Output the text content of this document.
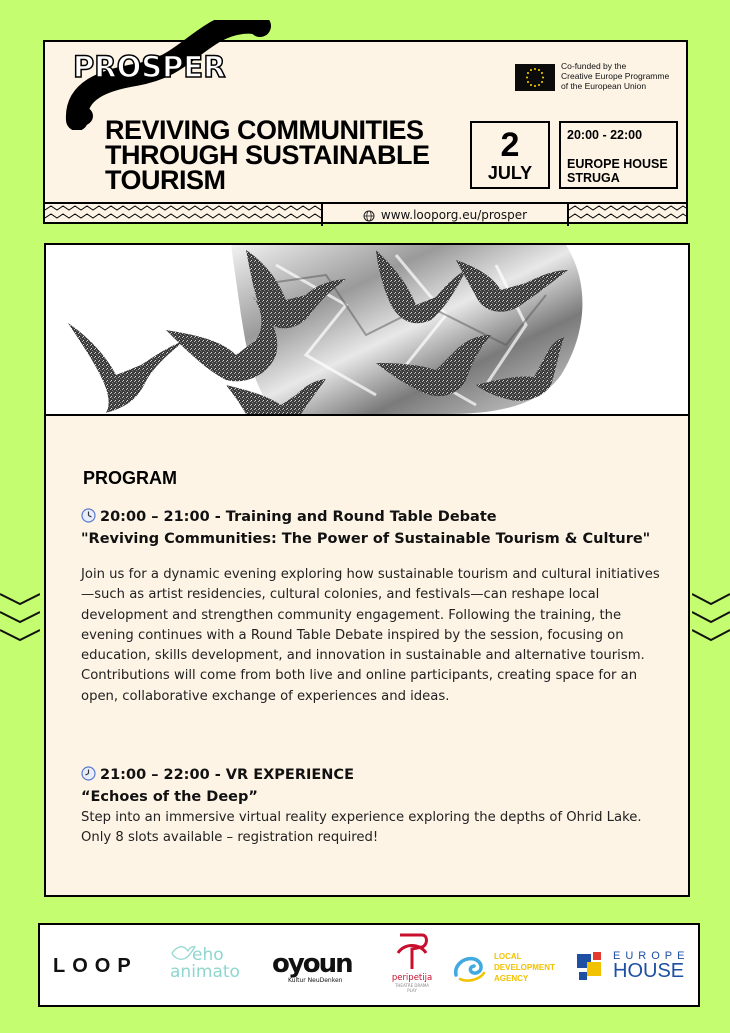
PROSPER	Co-funded by the
Creative Europe Programme
of the European Union
REVIVING COMMUNITIES
THROUGH SUSTAINABLE
TOURISM
2
JULY
20:00 - 22:00
EUROPE HOUSE
STRUGA
www.looporg.eu/prosper
PROGRAM
20:00 – 21:00 - Training and Round Table Debate
"Reviving Communities: The Power of Sustainable Tourism & Culture"

Join us for a dynamic evening exploring how sustainable tourism and cultural initiatives—such as artist residencies, cultural colonies, and festivals—can reshape local development and strengthen community engagement. Following the training, the evening continues with a Round Table Debate inspired by the session, focusing on education, skills development, and innovation in sustainable and alternative tourism. Contributions will come from both live and online participants, creating space for an open, collaborative exchange of experiences and ideas.

21:00 – 22:00 - VR EXPERIENCE
“Echoes of the Deep”

Step into an immersive virtual reality experience exploring the depths of Ohrid Lake. Only 8 slots available – registration required!

LOOP	eho
animato oyoun
Kultur NeuDenken	peripetija
THEATRE DRAMA PLAY
LOCAL
DEVELOPMENT
AGENCY
EUROPE
HOUSE
